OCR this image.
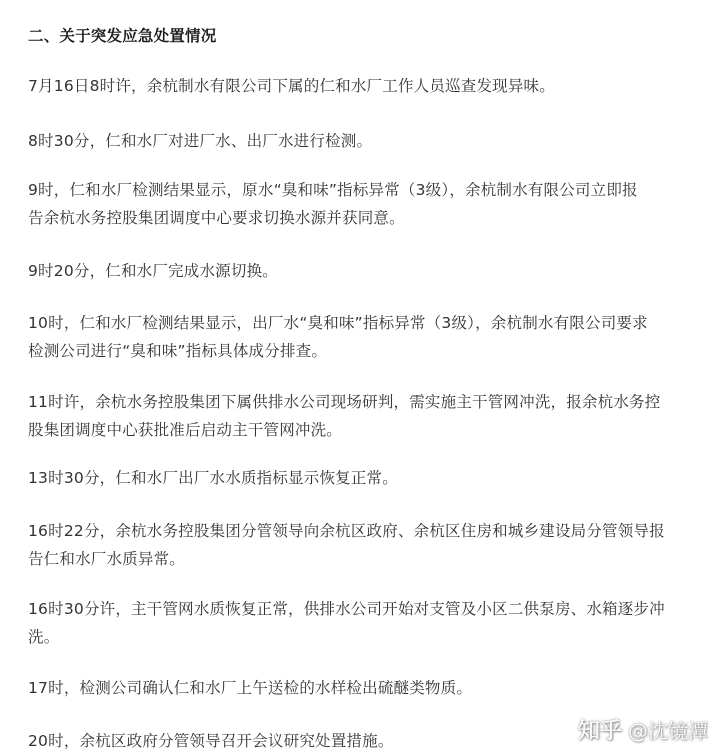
二、关于突发应急处置情况
7月16日8时许，余杭制水有限公司下属的仁和水厂工作人员巡查发现异味。
8时30分，仁和水厂对进厂水、出厂水进行检测。
9时，仁和水厂检测结果显示，原水“臭和味”指标异常（3级），余杭制水有限公司立即报
告余杭水务控股集团调度中心要求切换水源并获同意。
9时20分，仁和水厂完成水源切换。
10时，仁和水厂检测结果显示，出厂水“臭和味”指标异常（3级），余杭制水有限公司要求
检测公司进行“臭和味”指标具体成分排查。
11时许，余杭水务控股集团下属供排水公司现场研判，需实施主干管网冲洗，报余杭水务控
股集团调度中心获批准后启动主干管网冲洗。
13时30分，仁和水厂出厂水水质指标显示恢复正常。
16时22分，余杭水务控股集团分管领导向余杭区政府、余杭区住房和城乡建设局分管领导报
告仁和水厂水质异常。
16时30分许，主干管网水质恢复正常，供排水公司开始对支管及小区二供泵房、水箱逐步冲
洗。
17时，检测公司确认仁和水厂上午送检的水样检出硫醚类物质。
20时，余杭区政府分管领导召开会议研究处置措施。	知乎 @沈镜潭
